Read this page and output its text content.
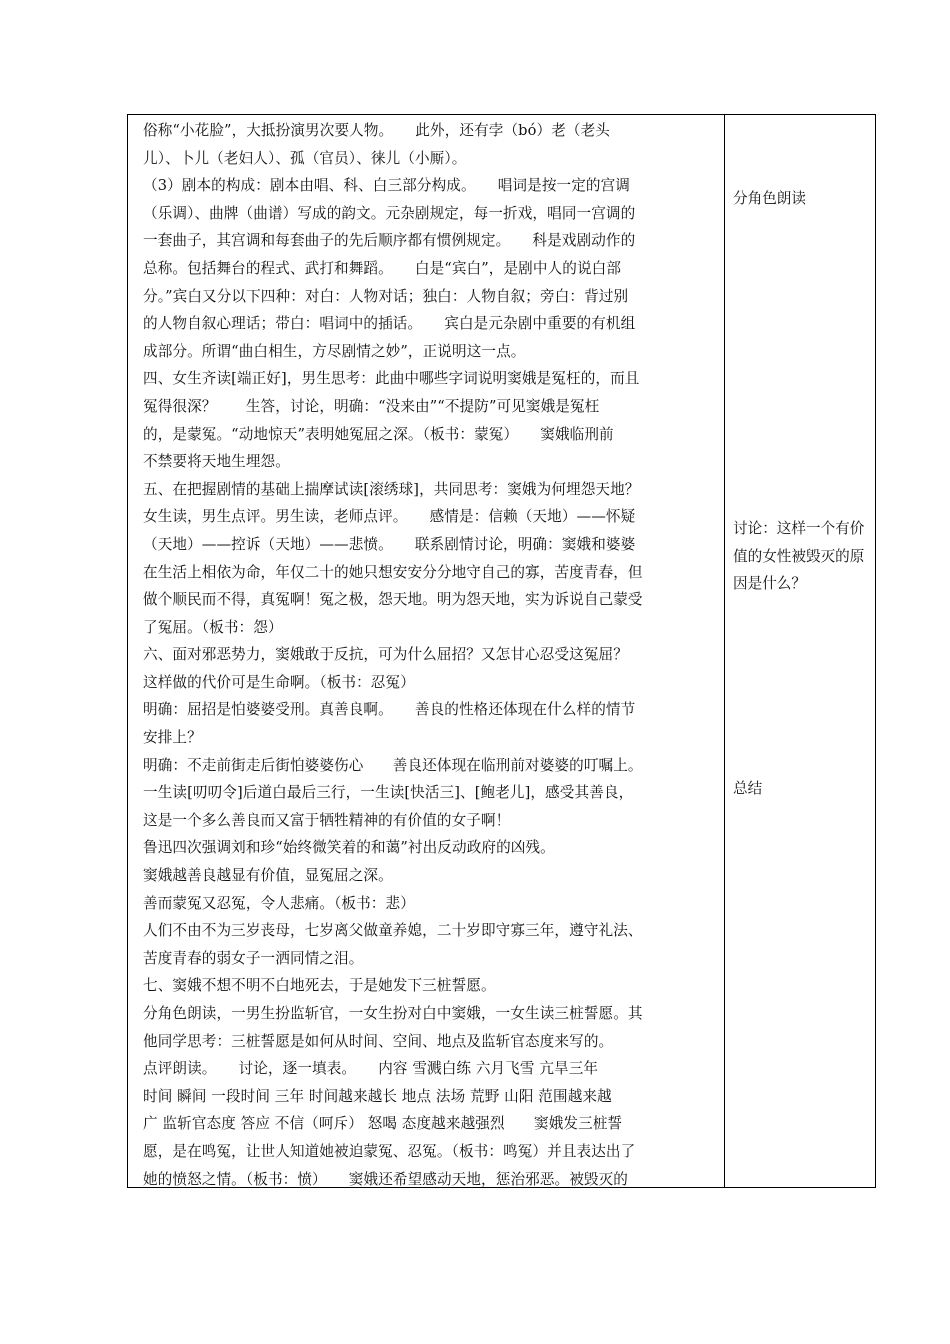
俗称“小花脸”，大抵扮演男次要人物。　　此外，还有孛（bó）老（老头
儿）、卜儿（老妇人）、孤（官员）、徕儿（小厮）。
（3）剧本的构成：剧本由唱、科、白三部分构成。　　唱词是按一定的宫调
（乐调）、曲牌（曲谱）写成的韵文。元杂剧规定，每一折戏，唱同一宫调的
一套曲子，其宫调和每套曲子的先后顺序都有惯例规定。　　科是戏剧动作的
总称。包括舞台的程式、武打和舞蹈。　　白是“宾白”，是剧中人的说白部
分。”宾白又分以下四种：对白：人物对话；独白：人物自叙；旁白：背过别
的人物自叙心理话；带白：唱词中的插话。　　宾白是元杂剧中重要的有机组
成部分。所谓“曲白相生，方尽剧情之妙”，正说明这一点。
四、女生齐读[端正好]，男生思考：此曲中哪些字词说明窦娥是冤枉的，而且
冤得很深？　　生答，讨论，明确：“没来由”“不提防”可见窦娥是冤枉
的，是蒙冤。“动地惊天”表明她冤屈之深。（板书：蒙冤）　　窦娥临刑前
不禁要将天地生埋怨。
五、在把握剧情的基础上揣摩试读[滚绣球]，共同思考：窦娥为何埋怨天地？
女生读，男生点评。男生读，老师点评。　　感情是：信赖（天地）——怀疑
（天地）——控诉（天地）——悲愤。　　联系剧情讨论，明确：窦娥和婆婆
在生活上相依为命，年仅二十的她只想安安分分地守自己的寡，苦度青春，但
做个顺民而不得，真冤啊！冤之极，怨天地。明为怨天地，实为诉说自己蒙受
了冤屈。（板书：怨）
六、面对邪恶势力，窦娥敢于反抗，可为什么屈招？又怎甘心忍受这冤屈？
这样做的代价可是生命啊。（板书：忍冤）
明确：屈招是怕婆婆受刑。真善良啊。　　善良的性格还体现在什么样的情节
安排上？
明确：不走前街走后街怕婆婆伤心　　善良还体现在临刑前对婆婆的叮嘱上。
一生读[叨叨令]后道白最后三行，一生读[快活三]、[鲍老儿]，感受其善良，
这是一个多么善良而又富于牺牲精神的有价值的女子啊！
鲁迅四次强调刘和珍“始终微笑着的和蔼”衬出反动政府的凶残。
窦娥越善良越显有价值，显冤屈之深。
善而蒙冤又忍冤，令人悲痛。（板书：悲）
人们不由不为三岁丧母，七岁离父做童养媳，二十岁即守寡三年，遵守礼法、
苦度青春的弱女子一洒同情之泪。
七、窦娥不想不明不白地死去，于是她发下三桩誓愿。
分角色朗读，一男生扮监斩官，一女生扮对白中窦娥，一女生读三桩誓愿。其
他同学思考：三桩誓愿是如何从时间、空间、地点及监斩官态度来写的。
点评朗读。　　讨论，逐一填表。　　内容 雪溅白练 六月飞雪 亢旱三年
时间 瞬间 一段时间 三年 时间越来越长 地点 法场 荒野 山阳 范围越来越
广 监斩官态度 答应 不信（呵斥） 怒喝 态度越来越强烈　　窦娥发三桩誓
愿，是在鸣冤，让世人知道她被迫蒙冤、忍冤。（板书：鸣冤）并且表达出了
她的愤怒之情。（板书：愤）　　窦娥还希望感动天地，惩治邪恶。被毁灭的
分角色朗读
讨论：这样一个有价值的女性被毁灭的原因是什么？
总结
